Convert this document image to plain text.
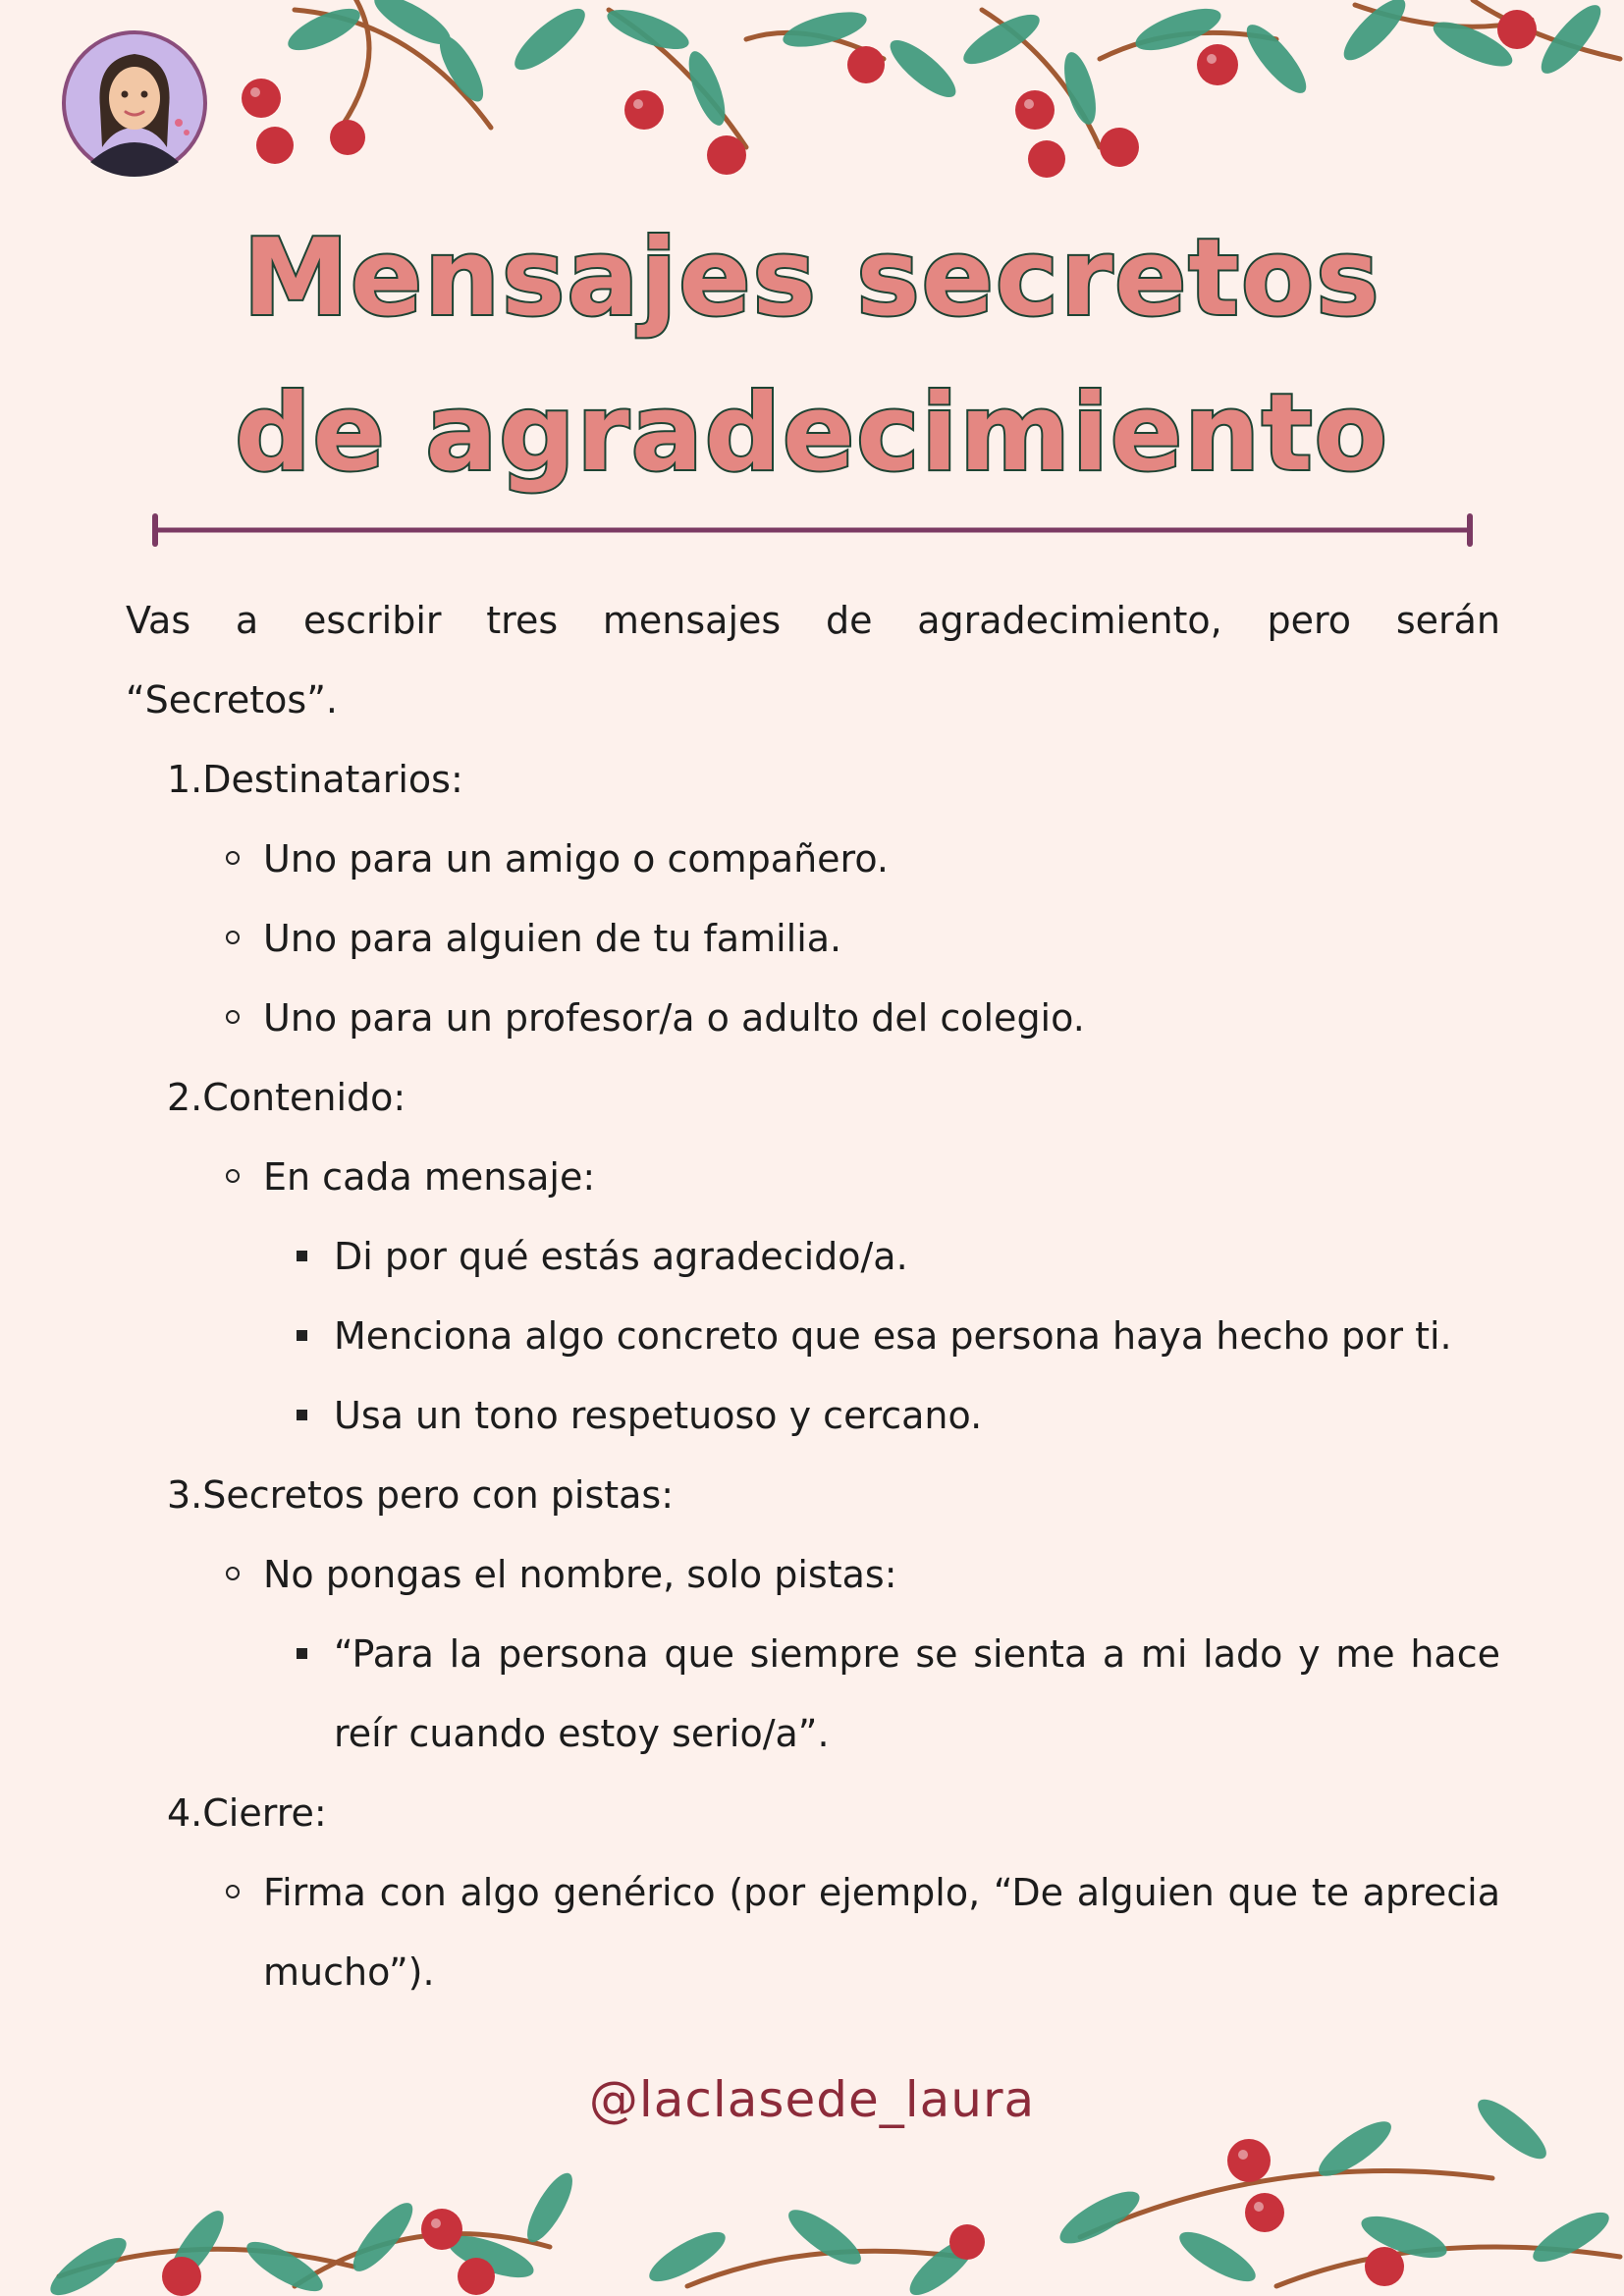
Mensajes secretos
de agradecimiento

Vas a escribir tres mensajes de agradecimiento, pero serán “Secretos”.

1. Destinatarios:
Uno para un amigo o compañero.
Uno para alguien de tu familia.
Uno para un profesor/a o adulto del colegio.
2. Contenido:
En cada mensaje:
Di por qué estás agradecido/a.
Menciona algo concreto que esa persona haya hecho por ti.
Usa un tono respetuoso y cercano.
3. Secretos pero con pistas:
No pongas el nombre, solo pistas:
“Para la persona que siempre se sienta a mi lado y me hace reír cuando estoy serio/a”.
4. Cierre:
Firma con algo genérico (por ejemplo, “De alguien que te aprecia mucho”).
@laclasede_laura
